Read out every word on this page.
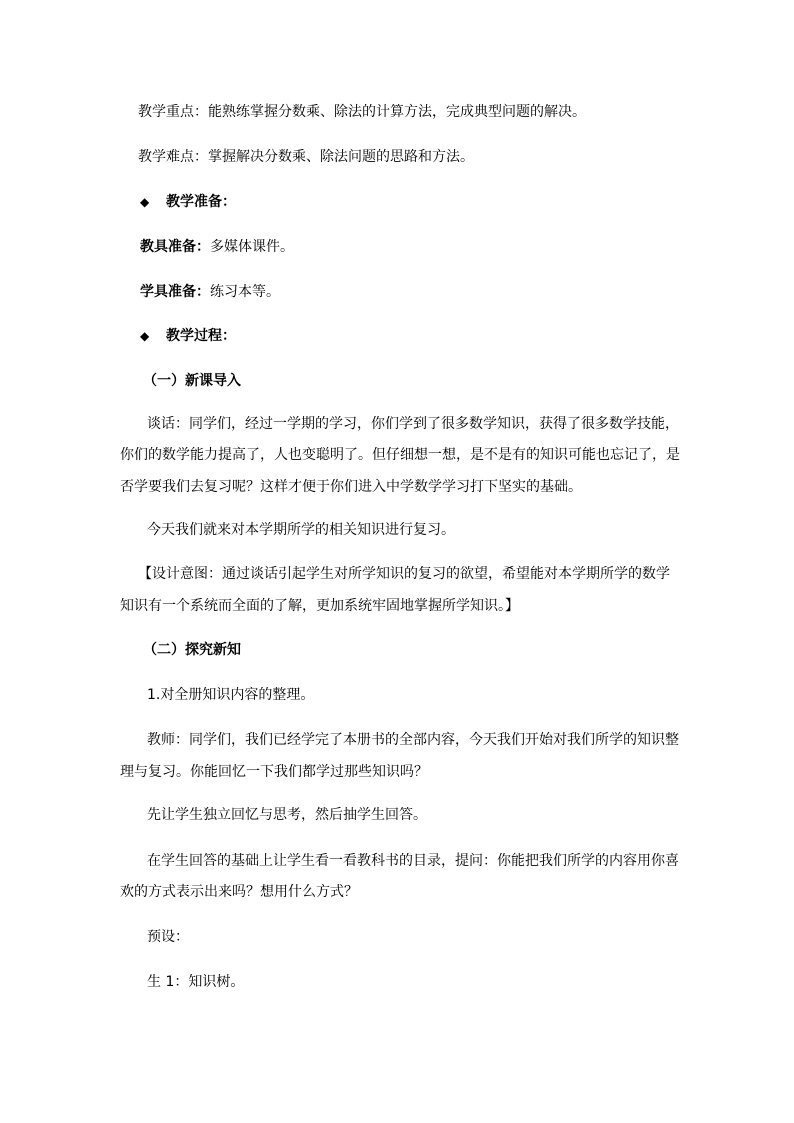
教学重点：能熟练掌握分数乘、除法的计算方法，完成典型问题的解决。

教学难点：掌握解决分数乘、除法问题的思路和方法。

◆ 教学准备：

教具准备：多媒体课件。

学具准备：练习本等。

◆ 教学过程：

（一）新课导入

谈话：同学们，经过一学期的学习，你们学到了很多数学知识，获得了很多数学技能，

你们的数学能力提高了，人也变聪明了。但仔细想一想，是不是有的知识可能也忘记了，是

否学要我们去复习呢？这样才便于你们进入中学数学学习打下坚实的基础。

今天我们就来对本学期所学的相关知识进行复习。

【设计意图：通过谈话引起学生对所学知识的复习的欲望，希望能对本学期所学的数学

知识有一个系统而全面的了解，更加系统牢固地掌握所学知识。】

（二）探究新知

1.对全册知识内容的整理。

教师：同学们，我们已经学完了本册书的全部内容，今天我们开始对我们所学的知识整

理与复习。你能回忆一下我们都学过那些知识吗？

先让学生独立回忆与思考，然后抽学生回答。

在学生回答的基础上让学生看一看教科书的目录，提问：你能把我们所学的内容用你喜

欢的方式表示出来吗？想用什么方式？

预设：

生 1：知识树。
